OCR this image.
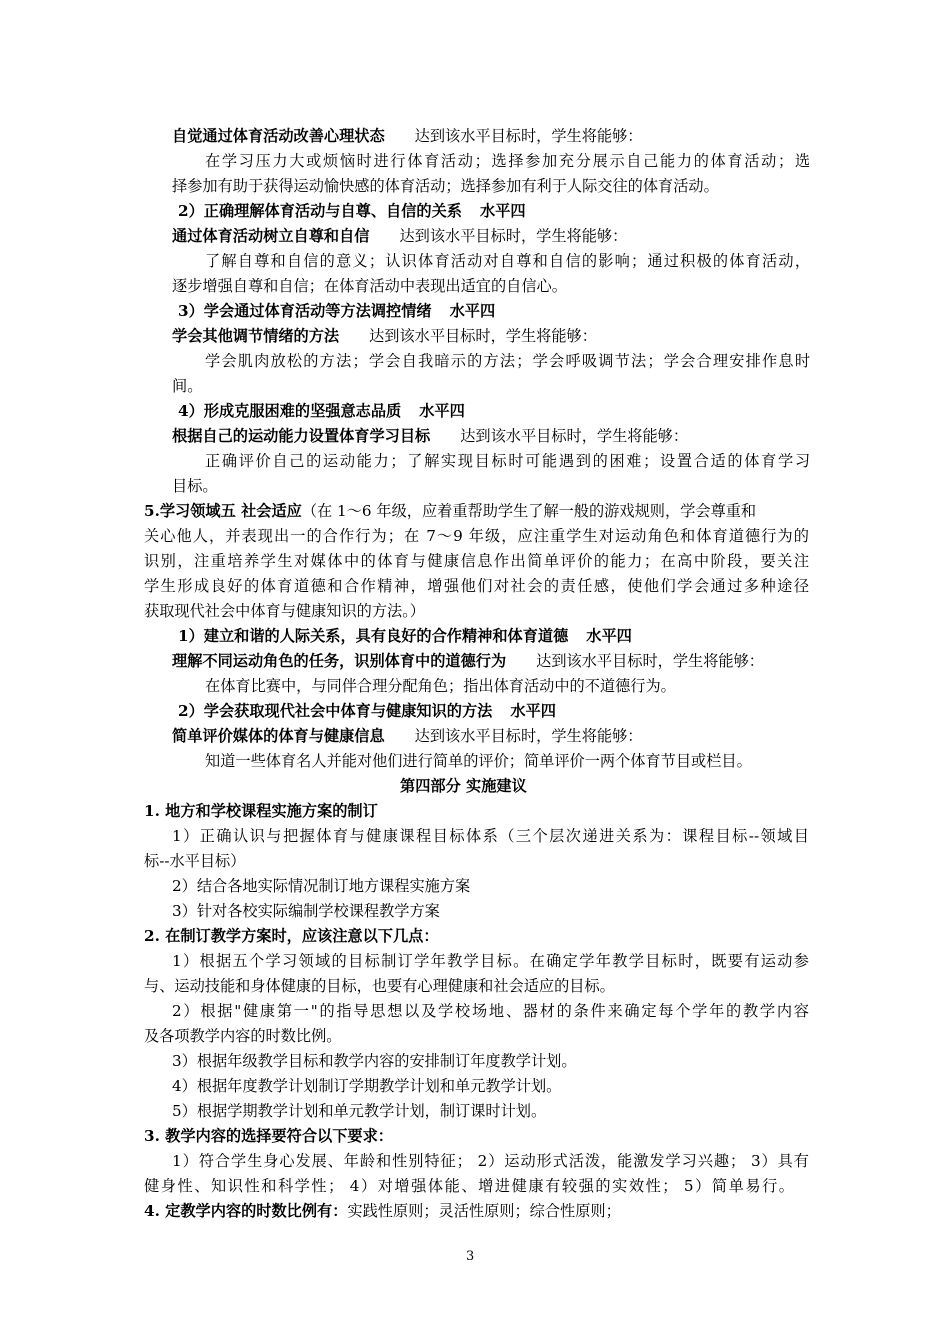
自觉通过体育活动改善心理状态 达到该水平目标时，学生将能够：
在学习压力大或烦恼时进行体育活动；选择参加充分展示自己能力的体育活动；选
择参加有助于获得运动愉快感的体育活动；选择参加有利于人际交往的体育活动。
2）正确理解体育活动与自尊、自信的关系 水平四
通过体育活动树立自尊和自信 达到该水平目标时，学生将能够：
了解自尊和自信的意义；认识体育活动对自尊和自信的影响；通过积极的体育活动，
逐步增强自尊和自信；在体育活动中表现出适宜的自信心。
3）学会通过体育活动等方法调控情绪 水平四
学会其他调节情绪的方法 达到该水平目标时，学生将能够：
学会肌肉放松的方法；学会自我暗示的方法；学会呼吸调节法；学会合理安排作息时
间。
4）形成克服困难的坚强意志品质 水平四
根据自己的运动能力设置体育学习目标 达到该水平目标时，学生将能够：
正确评价自己的运动能力；了解实现目标时可能遇到的困难；设置合适的体育学习
目标。
5.学习领域五 社会适应（在 1～6 年级，应着重帮助学生了解一般的游戏规则，学会尊重和
关心他人，并表现出一的合作行为；在 7～9 年级，应注重学生对运动角色和体育道德行为的
识别，注重培养学生对媒体中的体育与健康信息作出简单评价的能力；在高中阶段，要关注
学生形成良好的体育道德和合作精神，增强他们对社会的责任感，使他们学会通过多种途径
获取现代社会中体育与健康知识的方法。）
1）建立和谐的人际关系，具有良好的合作精神和体育道德 水平四
理解不同运动角色的任务，识别体育中的道德行为 达到该水平目标时，学生将能够：
在体育比赛中，与同伴合理分配角色；指出体育活动中的不道德行为。
2）学会获取现代社会中体育与健康知识的方法 水平四
简单评价媒体的体育与健康信息 达到该水平目标时，学生将能够：
知道一些体育名人并能对他们进行简单的评价；简单评价一两个体育节目或栏目。
第四部分 实施建议
1. 地方和学校课程实施方案的制订
1）正确认识与把握体育与健康课程目标体系（三个层次递进关系为：课程目标--领域目
标--水平目标）
2）结合各地实际情况制订地方课程实施方案
3）针对各校实际编制学校课程教学方案
2. 在制订教学方案时，应该注意以下几点：
1）根据五个学习领域的目标制订学年教学目标。在确定学年教学目标时，既要有运动参
与、运动技能和身体健康的目标，也要有心理健康和社会适应的目标。
2）根据"健康第一"的指导思想以及学校场地、器材的条件来确定每个学年的教学内容
及各项教学内容的时数比例。
3）根据年级教学目标和教学内容的安排制订年度教学计划。
4）根据年度教学计划制订学期教学计划和单元教学计划。
5）根据学期教学计划和单元教学计划，制订课时计划。
3. 教学内容的选择要符合以下要求：
1）符合学生身心发展、年龄和性别特征； 2）运动形式活泼，能激发学习兴趣； 3）具有
健身性、知识性和科学性； 4）对增强体能、增进健康有较强的实效性； 5）简单易行。
4. 定教学内容的时数比例有：实践性原则；灵活性原则；综合性原则；
3
